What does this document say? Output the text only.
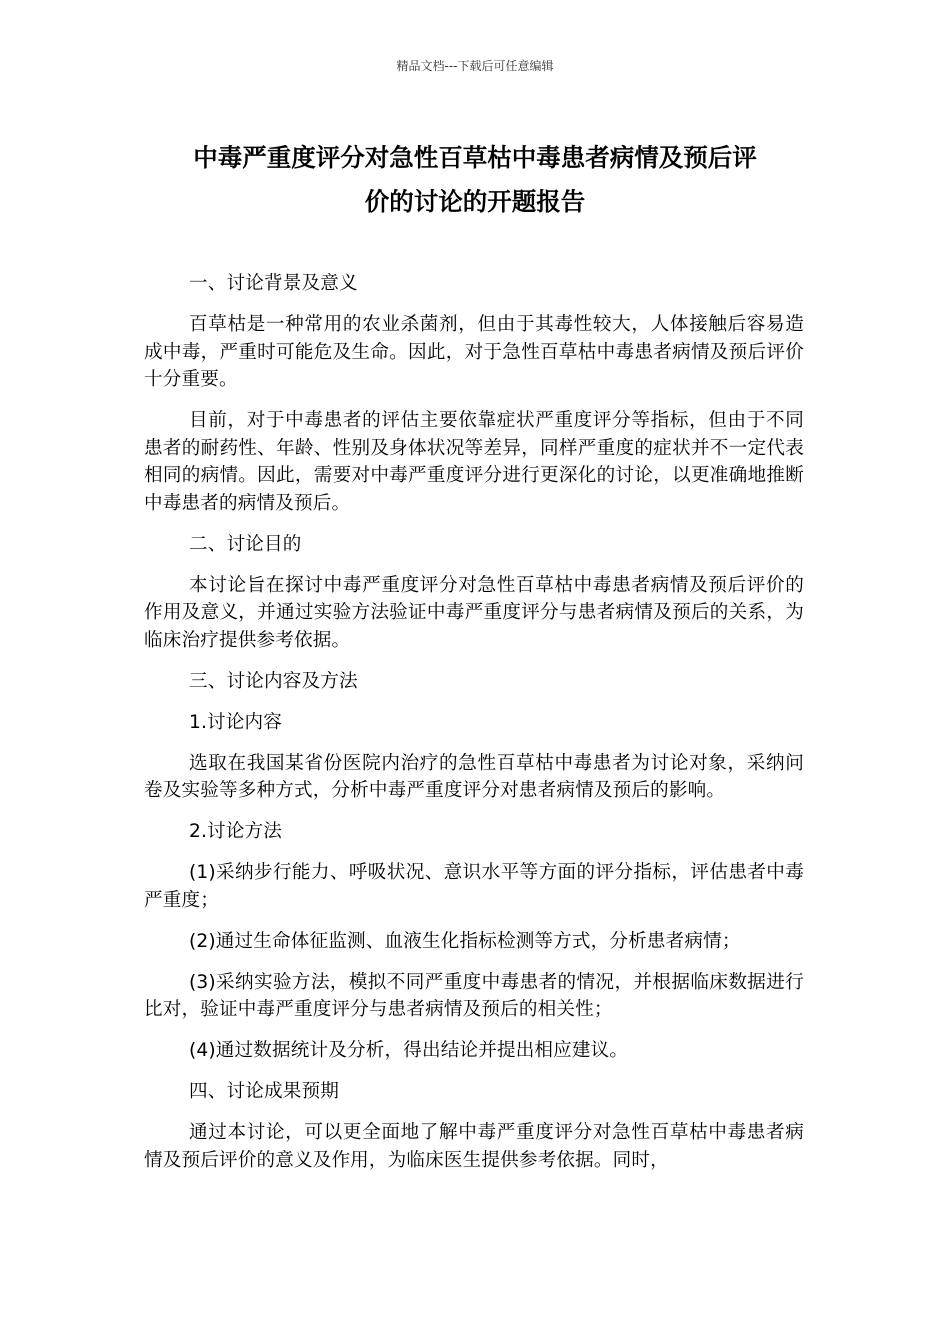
精品文档---下载后可任意编辑
中毒严重度评分对急性百草枯中毒患者病情及预后评
价的讨论的开题报告

一、讨论背景及意义

百草枯是一种常用的农业杀菌剂，但由于其毒性较大，人体接触后容易造成中毒，严重时可能危及生命。因此，对于急性百草枯中毒患者病情及预后评价十分重要。

目前，对于中毒患者的评估主要依靠症状严重度评分等指标，但由于不同患者的耐药性、年龄、性别及身体状况等差异，同样严重度的症状并不一定代表相同的病情。因此，需要对中毒严重度评分进行更深化的讨论，以更准确地推断中毒患者的病情及预后。

二、讨论目的

本讨论旨在探讨中毒严重度评分对急性百草枯中毒患者病情及预后评价的作用及意义，并通过实验方法验证中毒严重度评分与患者病情及预后的关系，为临床治疗提供参考依据。

三、讨论内容及方法

1.讨论内容

选取在我国某省份医院内治疗的急性百草枯中毒患者为讨论对象，采纳问卷及实验等多种方式，分析中毒严重度评分对患者病情及预后的影响。

2.讨论方法

(1)采纳步行能力、呼吸状况、意识水平等方面的评分指标，评估患者中毒严重度；

(2)通过生命体征监测、血液生化指标检测等方式，分析患者病情；

(3)采纳实验方法，模拟不同严重度中毒患者的情况，并根据临床数据进行比对，验证中毒严重度评分与患者病情及预后的相关性；

(4)通过数据统计及分析，得出结论并提出相应建议。

四、讨论成果预期

通过本讨论，可以更全面地了解中毒严重度评分对急性百草枯中毒患者病情及预后评价的意义及作用，为临床医生提供参考依据。同时，
